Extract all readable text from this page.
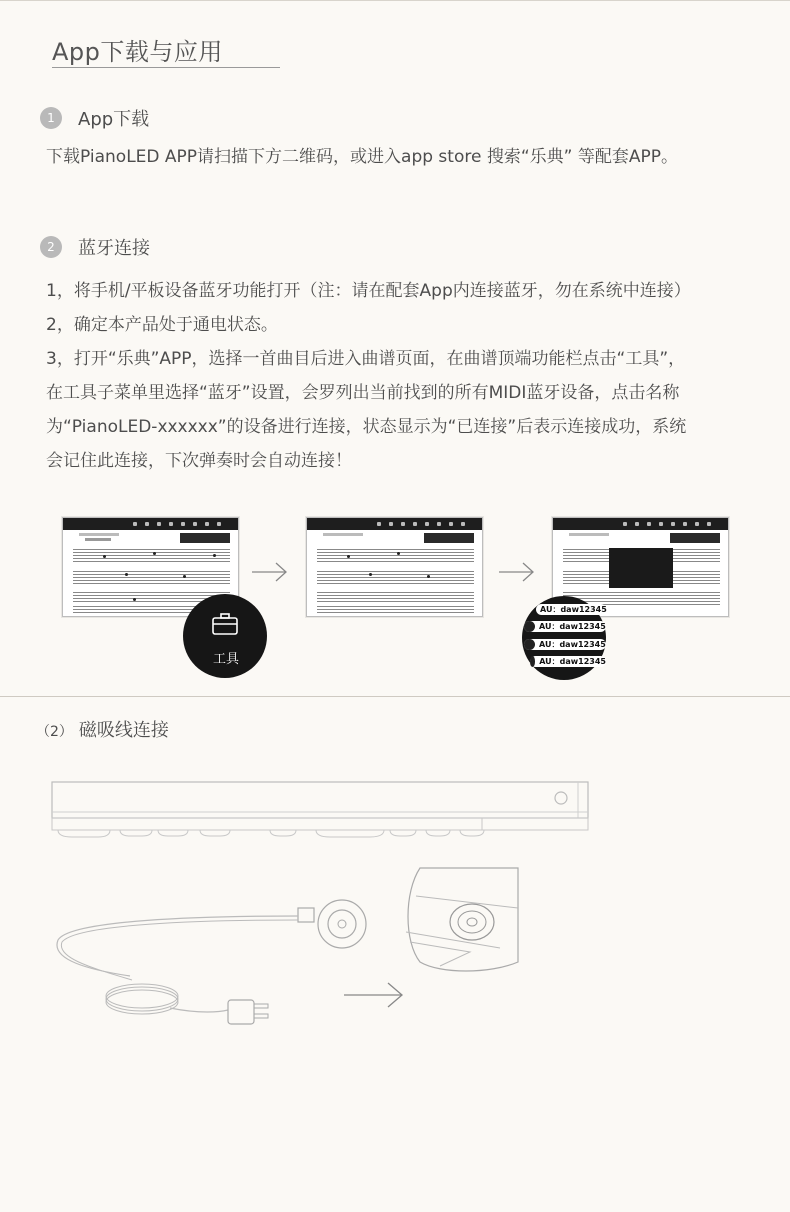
App下载与应用
1	App下载
下载PianoLED APP请扫描下方二维码，或进入app store 搜索“乐典” 等配套APP。
2	蓝牙连接
1，将手机/平板设备蓝牙功能打开（注：请在配套App内连接蓝牙，勿在系统中连接）
2，确定本产品处于通电状态。
3，打开“乐典”APP，选择一首曲目后进入曲谱页面，在曲谱顶端功能栏点击“工具”，
在工具子菜单里选择“蓝牙”设置，会罗列出当前找到的所有MIDI蓝牙设备，点击名称
为“PianoLED-xxxxxx”的设备进行连接，状态显示为“已连接”后表示连接成功，系统
会记住此连接，下次弹奏时会自动连接！
工具
AU：daw12345
AU：daw12345
AU：daw12345
AU：daw12345
（2） 磁吸线连接
